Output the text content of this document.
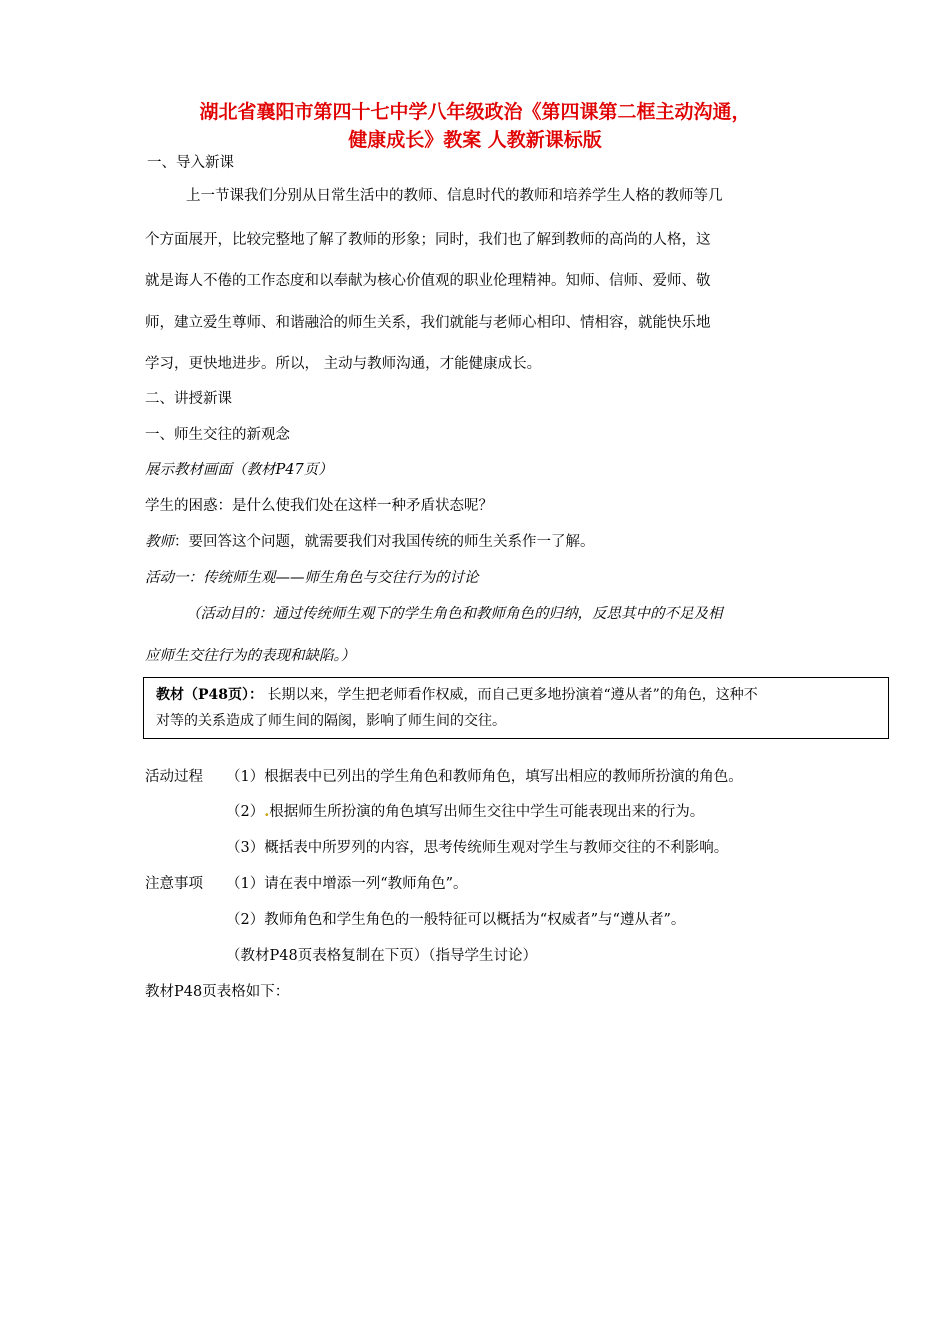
湖北省襄阳市第四十七中学八年级政治《第四课第二框主动沟通，
健康成长》教案 人教新课标版
一、导入新课
上一节课我们分别从日常生活中的教师、信息时代的教师和培养学生人格的教师等几
个方面展开，比较完整地了解了教师的形象；同时，我们也了解到教师的高尚的人格，这
就是诲人不倦的工作态度和以奉献为核心价值观的职业伦理精神。知师、信师、爱师、敬
师，建立爱生尊师、和谐融洽的师生关系，我们就能与老师心相印、情相容，就能快乐地
学习，更快地进步。所以， 主动与教师沟通，才能健康成长。
二、讲授新课
一、师生交往的新观念
展示教材画面（教材P47页）
学生的困惑：是什么使我们处在这样一种矛盾状态呢？
教师：要回答这个问题，就需要我们对我国传统的师生关系作一了解。
活动一：传统师生观——师生角色与交往行为的讨论
（活动目的：通过传统师生观下的学生角色和教师角色的归纳，反思其中的不足及相
应师生交往行为的表现和缺陷。）
教材（P48页）： 长期以来，学生把老师看作权威，而自己更多地扮演着“遵从者”的角色，这种不
对等的关系造成了师生间的隔阂，影响了师生间的交往。
活动过程 （1）根据表中已列出的学生角色和教师角色，填写出相应的教师所扮演的角色。
（2）.根据师生所扮演的角色填写出师生交往中学生可能表现出来的行为。
（3）概括表中所罗列的内容，思考传统师生观对学生与教师交往的不利影响。
注意事项 （1）请在表中增添一列“教师角色”。
（2）教师角色和学生角色的一般特征可以概括为“权威者”与“遵从者”。
（教材P48页表格复制在下页）（指导学生讨论）
教材P48页表格如下：
